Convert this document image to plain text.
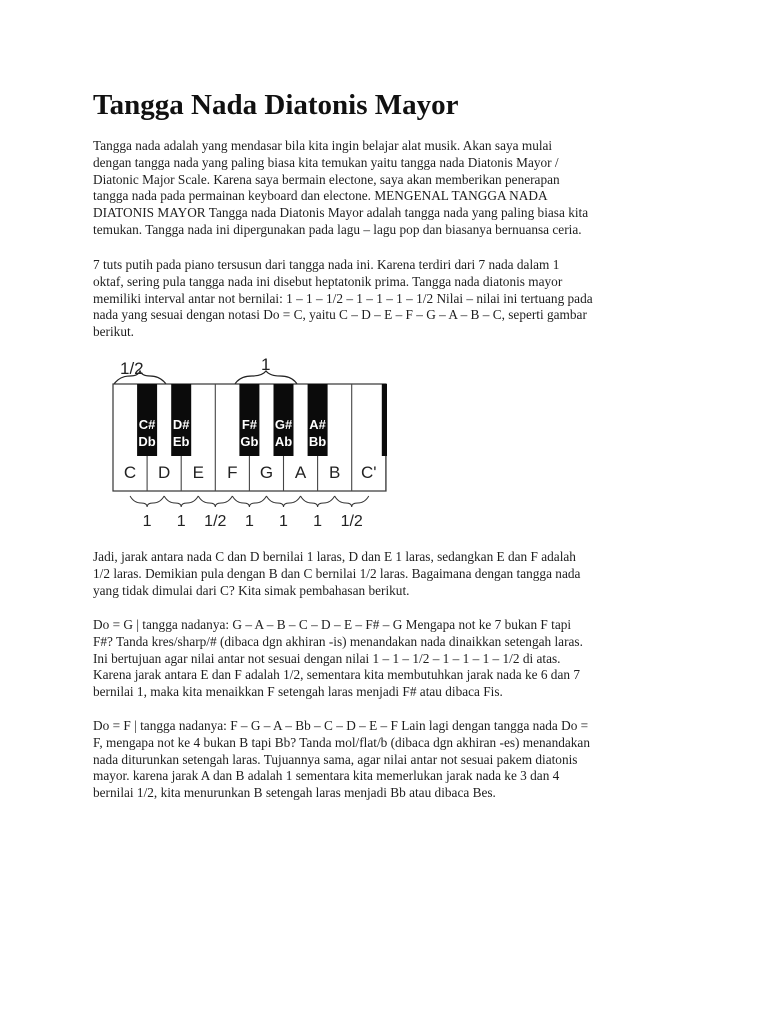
Tangga Nada Diatonis Mayor

Tangga nada adalah yang mendasar bila kita ingin belajar alat musik. Akan saya mulai
dengan tangga nada yang paling biasa kita temukan yaitu tangga nada Diatonis Mayor /
Diatonic Major Scale. Karena saya bermain electone, saya akan memberikan penerapan
tangga nada pada permainan keyboard dan electone. MENGENAL TANGGA NADA
DIATONIS MAYOR Tangga nada Diatonis Mayor adalah tangga nada yang paling biasa kita
temukan. Tangga nada ini dipergunakan pada lagu – lagu pop dan biasanya bernuansa ceria.

7 tuts putih pada piano tersusun dari tangga nada ini. Karena terdiri dari 7 nada dalam 1
oktaf, sering pula tangga nada ini disebut heptatonik prima. Tangga nada diatonis mayor
memiliki interval antar not bernilai: 1 – 1 – 1/2 – 1 – 1 – 1 – 1/2 Nilai – nilai ini tertuang pada
nada yang sesuai dengan notasi Do = C, yaitu C – D – E – F – G – A – B – C, seperti gambar
berikut.

1/2	1
C#
Db
D#
Eb
F#
Gb
G#
Ab
A#
Bb
C D E F G A B C'
1 1 1/2 1 1 1 1/2

Jadi, jarak antara nada C dan D bernilai 1 laras, D dan E 1 laras, sedangkan E dan F adalah
1/2 laras. Demikian pula dengan B dan C bernilai 1/2 laras. Bagaimana dengan tangga nada
yang tidak dimulai dari C? Kita simak pembahasan berikut.

Do = G | tangga nadanya: G – A – B – C – D – E – F# – G Mengapa not ke 7 bukan F tapi
F#? Tanda kres/sharp/# (dibaca dgn akhiran -is) menandakan nada dinaikkan setengah laras.
Ini bertujuan agar nilai antar not sesuai dengan nilai 1 – 1 – 1/2 – 1 – 1 – 1 – 1/2 di atas.
Karena jarak antara E dan F adalah 1/2, sementara kita membutuhkan jarak nada ke 6 dan 7
bernilai 1, maka kita menaikkan F setengah laras menjadi F# atau dibaca Fis.

Do = F | tangga nadanya: F – G – A – Bb – C – D – E – F Lain lagi dengan tangga nada Do =
F, mengapa not ke 4 bukan B tapi Bb? Tanda mol/flat/b (dibaca dgn akhiran -es) menandakan
nada diturunkan setengah laras. Tujuannya sama, agar nilai antar not sesuai pakem diatonis
mayor. karena jarak A dan B adalah 1 sementara kita memerlukan jarak nada ke 3 dan 4
bernilai 1/2, kita menurunkan B setengah laras menjadi Bb atau dibaca Bes.
